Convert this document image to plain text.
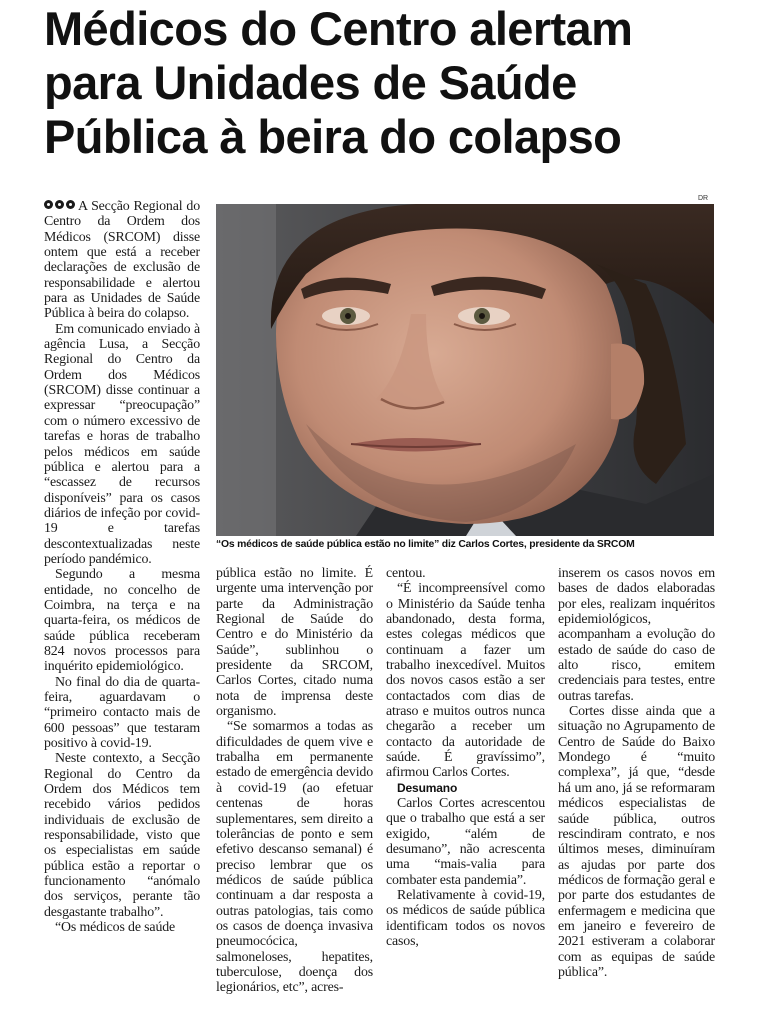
Médicos do Centro alertam
para Unidades de Saúde
Pública à beira do colapso
DR
“Os médicos de saúde pública estão no limite” diz Carlos Cortes, presidente da SRCOM

A Secção Regional do Centro da Ordem dos Médicos (SRCOM) disse ontem que está a receber declarações de exclusão de responsabilidade e alertou para as Unidades de Saúde Pública à beira do colapso.

Em comunicado enviado à agência Lusa, a Secção Regional do Centro da Ordem dos Médicos (SRCOM) disse continuar a expressar “preocupação” com o número excessivo de tarefas e horas de trabalho pelos médicos em saúde pública e alertou para a “escassez de recursos disponíveis” para os casos diários de infeção por covid-19 e tarefas descontextualizadas neste período pandémico.

Segundo a mesma entidade, no concelho de Coimbra, na terça e na quarta-feira, os médicos de saúde pública receberam 824 novos processos para inquérito epidemiológico.

No final do dia de quarta-feira, aguardavam o “primeiro contacto mais de 600 pessoas” que testaram positivo à covid-19.

Neste contexto, a Secção Regional do Centro da Ordem dos Médicos tem recebido vários pedidos individuais de exclusão de responsabilidade, visto que os especialistas em saúde pública estão a reportar o funcionamento “anómalo dos serviços, perante tão desgastante trabalho”.

“Os médicos de saúde

pública estão no limite. É urgente uma intervenção por parte da Administração Regional de Saúde do Centro e do Ministério da Saúde”, sublinhou o presidente da SRCOM, Carlos Cortes, citado numa nota de imprensa deste organismo.

“Se somarmos a todas as dificuldades de quem vive e trabalha em permanente estado de emergência devido à covid-19 (ao efetuar centenas de horas suplementares, sem direito a tolerâncias de ponto e sem efetivo descanso semanal) é preciso lembrar que os médicos de saúde pública continuam a dar resposta a outras patologias, tais como os casos de doença invasiva pneumocócica, salmoneloses, hepatites, tuberculose, doença dos legionários, etc”, acres-

centou.

“É incompreensível como o Ministério da Saúde tenha abandonado, desta forma, estes colegas médicos que continuam a fazer um trabalho inexcedível. Muitos dos novos casos estão a ser contactados com dias de atraso e muitos outros nunca chegarão a receber um contacto da autoridade de saúde. É gravíssimo”, afirmou Carlos Cortes.

Desumano

Carlos Cortes acrescentou que o trabalho que está a ser exigido, “além de desumano”, não acrescenta uma “mais-valia para combater esta pandemia”.

Relativamente à covid-19, os médicos de saúde pública identificam todos os novos casos,

inserem os casos novos em bases de dados elaboradas por eles, realizam inquéritos epidemiológicos, acompanham a evolução do estado de saúde do caso de alto risco, emitem credenciais para testes, entre outras tarefas.

Cortes disse ainda que a situação no Agrupamento de Centro de Saúde do Baixo Mondego é “muito complexa”, já que, “desde há um ano, já se reformaram médicos especialistas de saúde pública, outros rescindiram contrato, e nos últimos meses, diminuíram as ajudas por parte dos médicos de formação geral e por parte dos estudantes de enfermagem e medicina que em janeiro e fevereiro de 2021 estiveram a colaborar com as equipas de saúde pública”.
